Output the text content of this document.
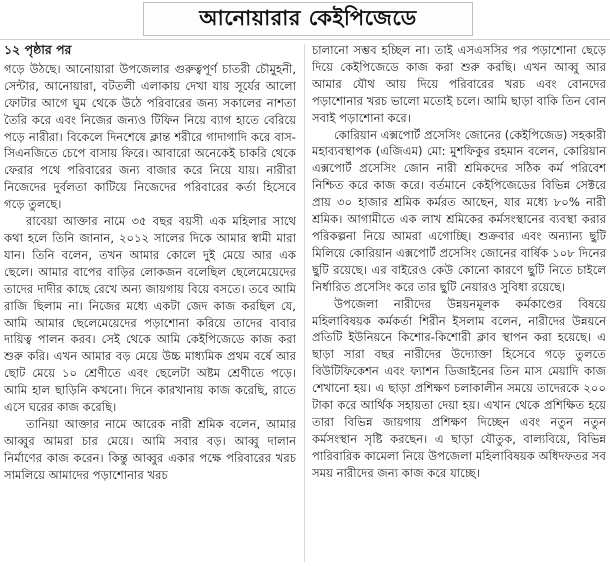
আনোয়ারার কেইপিজেডে
১২ পৃষ্ঠার পর

গড়ে উঠছে। আনোয়ারা উপজেলার গুরুত্বপূর্ণ চাতরী চৌমুহনী, সেন্টার, আনোয়ারা, বটতলী এলাকায় দেখা যায় সূর্যের আলো ফোটার আগে ঘুম থেকে উঠে পরিবারের জন্য সকালের নাশতা তৈরি করে এবং নিজের জন্যও টিফিন নিয়ে ব্যাগ হাতে বেরিয়ে পড়ে নারীরা। বিকেলে দিনশেষে ক্লান্ত শরীরে গাদাগাদি করে বাস-সিএনজিতে চেপে বাসায় ফিরে। আবারো অনেকেই চাকরি থেকে ফেরার পথে পরিবারের জন্য বাজার করে নিয়ে যায়। নারীরা নিজেদের দুর্বলতা কাটিয়ে নিজেদের পরিবারের কর্তা হিসেবে গড়ে তুলছে।

রাবেয়া আক্তার নামে ৩৫ বছর বয়সী এক মহিলার সাথে কথা হলে তিনি জানান, ২০১২ সালের দিকে আমার স্বামী মারা যান। তিনি বলেন, তখন আমার কোলে দুই মেয়ে আর এক ছেলে। আমার বাপের বাড়ির লোকজন বলেছিল ছেলেমেয়েদের তাদের দাদীর কাছে রেখে অন্য জায়গায় বিয়ে বসতে। তবে আমি রাজি ছিলাম না। নিজের মধ্যে একটা জেদ কাজ করছিল যে, আমি আমার ছেলেমেয়েদের পড়াশোনা করিয়ে তাদের বাবার দায়িত্ব পালন করব। সেই থেকে আমি কেইপিজেডে কাজ করা শুরু করি। এখন আমার বড় মেয়ে উচ্চ মাধ্যমিক প্রথম বর্ষে আর ছোট মেয়ে ১০ শ্রেণীতে এবং ছেলেটা অষ্টম শ্রেণীতে পড়ে। আমি হাল ছাড়িনি কখনো। দিনে কারখানায় কাজ করেছি, রাতে এসে ঘরের কাজ করেছি।

তানিয়া আক্তার নামে আরেক নারী শ্রমিক বলেন, আমার আব্বুর আমরা চার মেয়ে। আমি সবার বড়। আব্বু দালান নির্মাণের কাজ করেন। কিন্তু আব্বুর একার পক্ষে পরিবারের খরচ সামলিয়ে আমাদের পড়াশোনার খরচ

চালানো সম্ভব হচ্ছিল না। তাই এসএসসির পর পড়াশোনা ছেড়ে দিয়ে কেইপিজেডে কাজ করা শুরু করছি। এখন আব্বু আর আমার যৌথ আয় দিয়ে পরিবারের খরচ এবং বোনদের পড়াশোনার খরচ ভালো মতোই চলে। আমি ছাড়া বাকি তিন বোন সবাই পড়াশোনা করে।

কোরিয়ান এক্সপোর্ট প্রসেসিং জোনের (কেইপিজেড) সহকারী মহাব্যবস্থাপক (এজিএম) মো: মুশফিকুর রহমান বলেন, কোরিয়ান এক্সপোর্ট প্রসেসিং জোন নারী শ্রমিকদের সঠিক কর্ম পরিবেশ নিশ্চিত করে কাজ করে। বর্তমানে কেইপিজেডের বিভিন্ন সেক্টরে প্রায় ৩০ হাজার শ্রমিক কর্মরত আছেন, যার মধ্যে ৮০% নারী শ্রমিক। আগামীতে এক লাখ শ্রমিকের কর্মসংস্থানের ব্যবস্থা করার পরিকল্পনা নিয়ে আমরা এগোচ্ছি। শুক্রবার এবং অন্যান্য ছুটি মিলিয়ে কোরিয়ান এক্সপোর্ট প্রসেসিং জোনের বার্ষিক ১০৮ দিনের ছুটি রয়েছে। এর বাইরেও কেউ কোনো কারণে ছুটি নিতে চাইলে নির্ধারিত প্রসেসিং করে তার ছুটি নেয়ারও সুবিধা রয়েছে।

উপজেলা নারীদের উন্নয়নমূলক কর্মকাণ্ডের বিষয়ে মহিলাবিষয়ক কর্মকর্তা শিরীন ইসলাম বলেন, নারীদের উন্নয়নে প্রতিটি ইউনিয়নে কিশোর-কিশোরী ক্লাব স্থাপন করা হয়েছে। এ ছাড়া সারা বছর নারীদের উদ্যোক্তা হিসেবে গড়ে তুলতে বিউটিফিকেশন এবং ফ্যাশন ডিজাইনের তিন মাস মেয়াদি কাজ শেখানো হয়। এ ছাড়া প্রশিক্ষণ চলাকালীন সময়ে তাদেরকে ২০০ টাকা করে আর্থিক সহায়তা দেয়া হয়। এখান থেকে প্রশিক্ষিত হয়ে তারা বিভিন্ন জায়গায় প্রশিক্ষণ দিচ্ছেন এবং নতুন নতুন কর্মসংস্থান সৃষ্টি করছেন। এ ছাড়া যৌতুক, বাল্যবিয়ে, বিভিন্ন পারিবারিক কামেলা নিয়ে উপজেলা মহিলাবিষয়ক অধিদফতর সব সময় নারীদের জন্য কাজ করে যাচ্ছে।
